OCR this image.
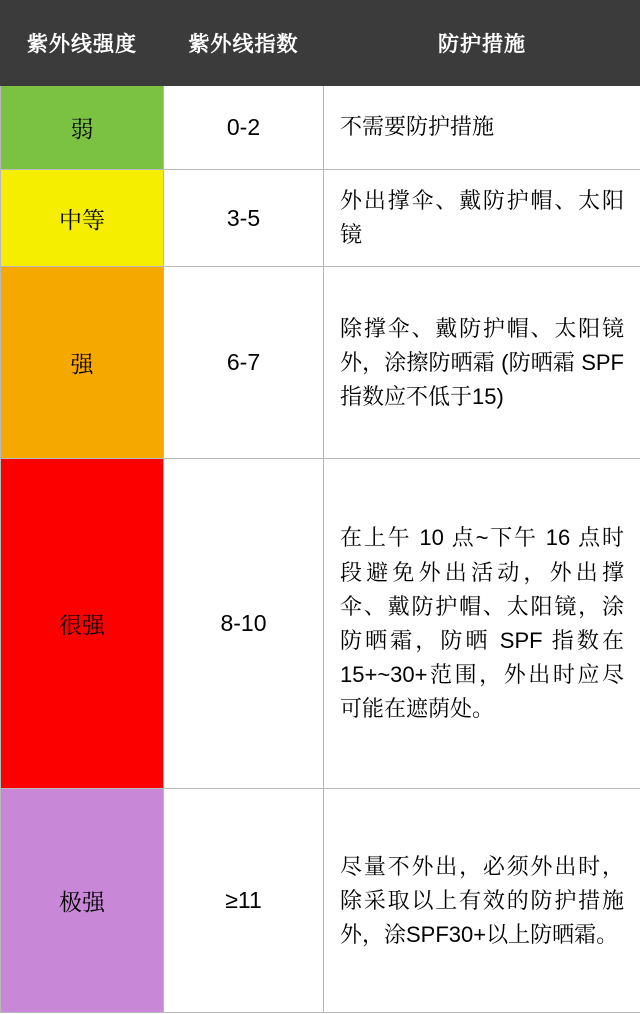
紫外线强度	紫外线指数	防护措施
弱	0-2	不需要防护措施
中等	3-5	外出撑伞、戴防护帽、太阳镜
强	6-7	除撑伞、戴防护帽、太阳镜外，涂擦防晒霜 (防晒霜 SPF 指数应不低于15)
很强	8-10	在上午 10 点~下午 16 点时段避免外出活动，外出撑伞、戴防护帽、太阳镜，涂防晒霜，防晒 SPF 指数在 15+~30+范围，外出时应尽可能在遮荫处。
极强	≥11	尽量不外出，必须外出时，除采取以上有效的防护措施外，涂SPF30+以上防晒霜。
